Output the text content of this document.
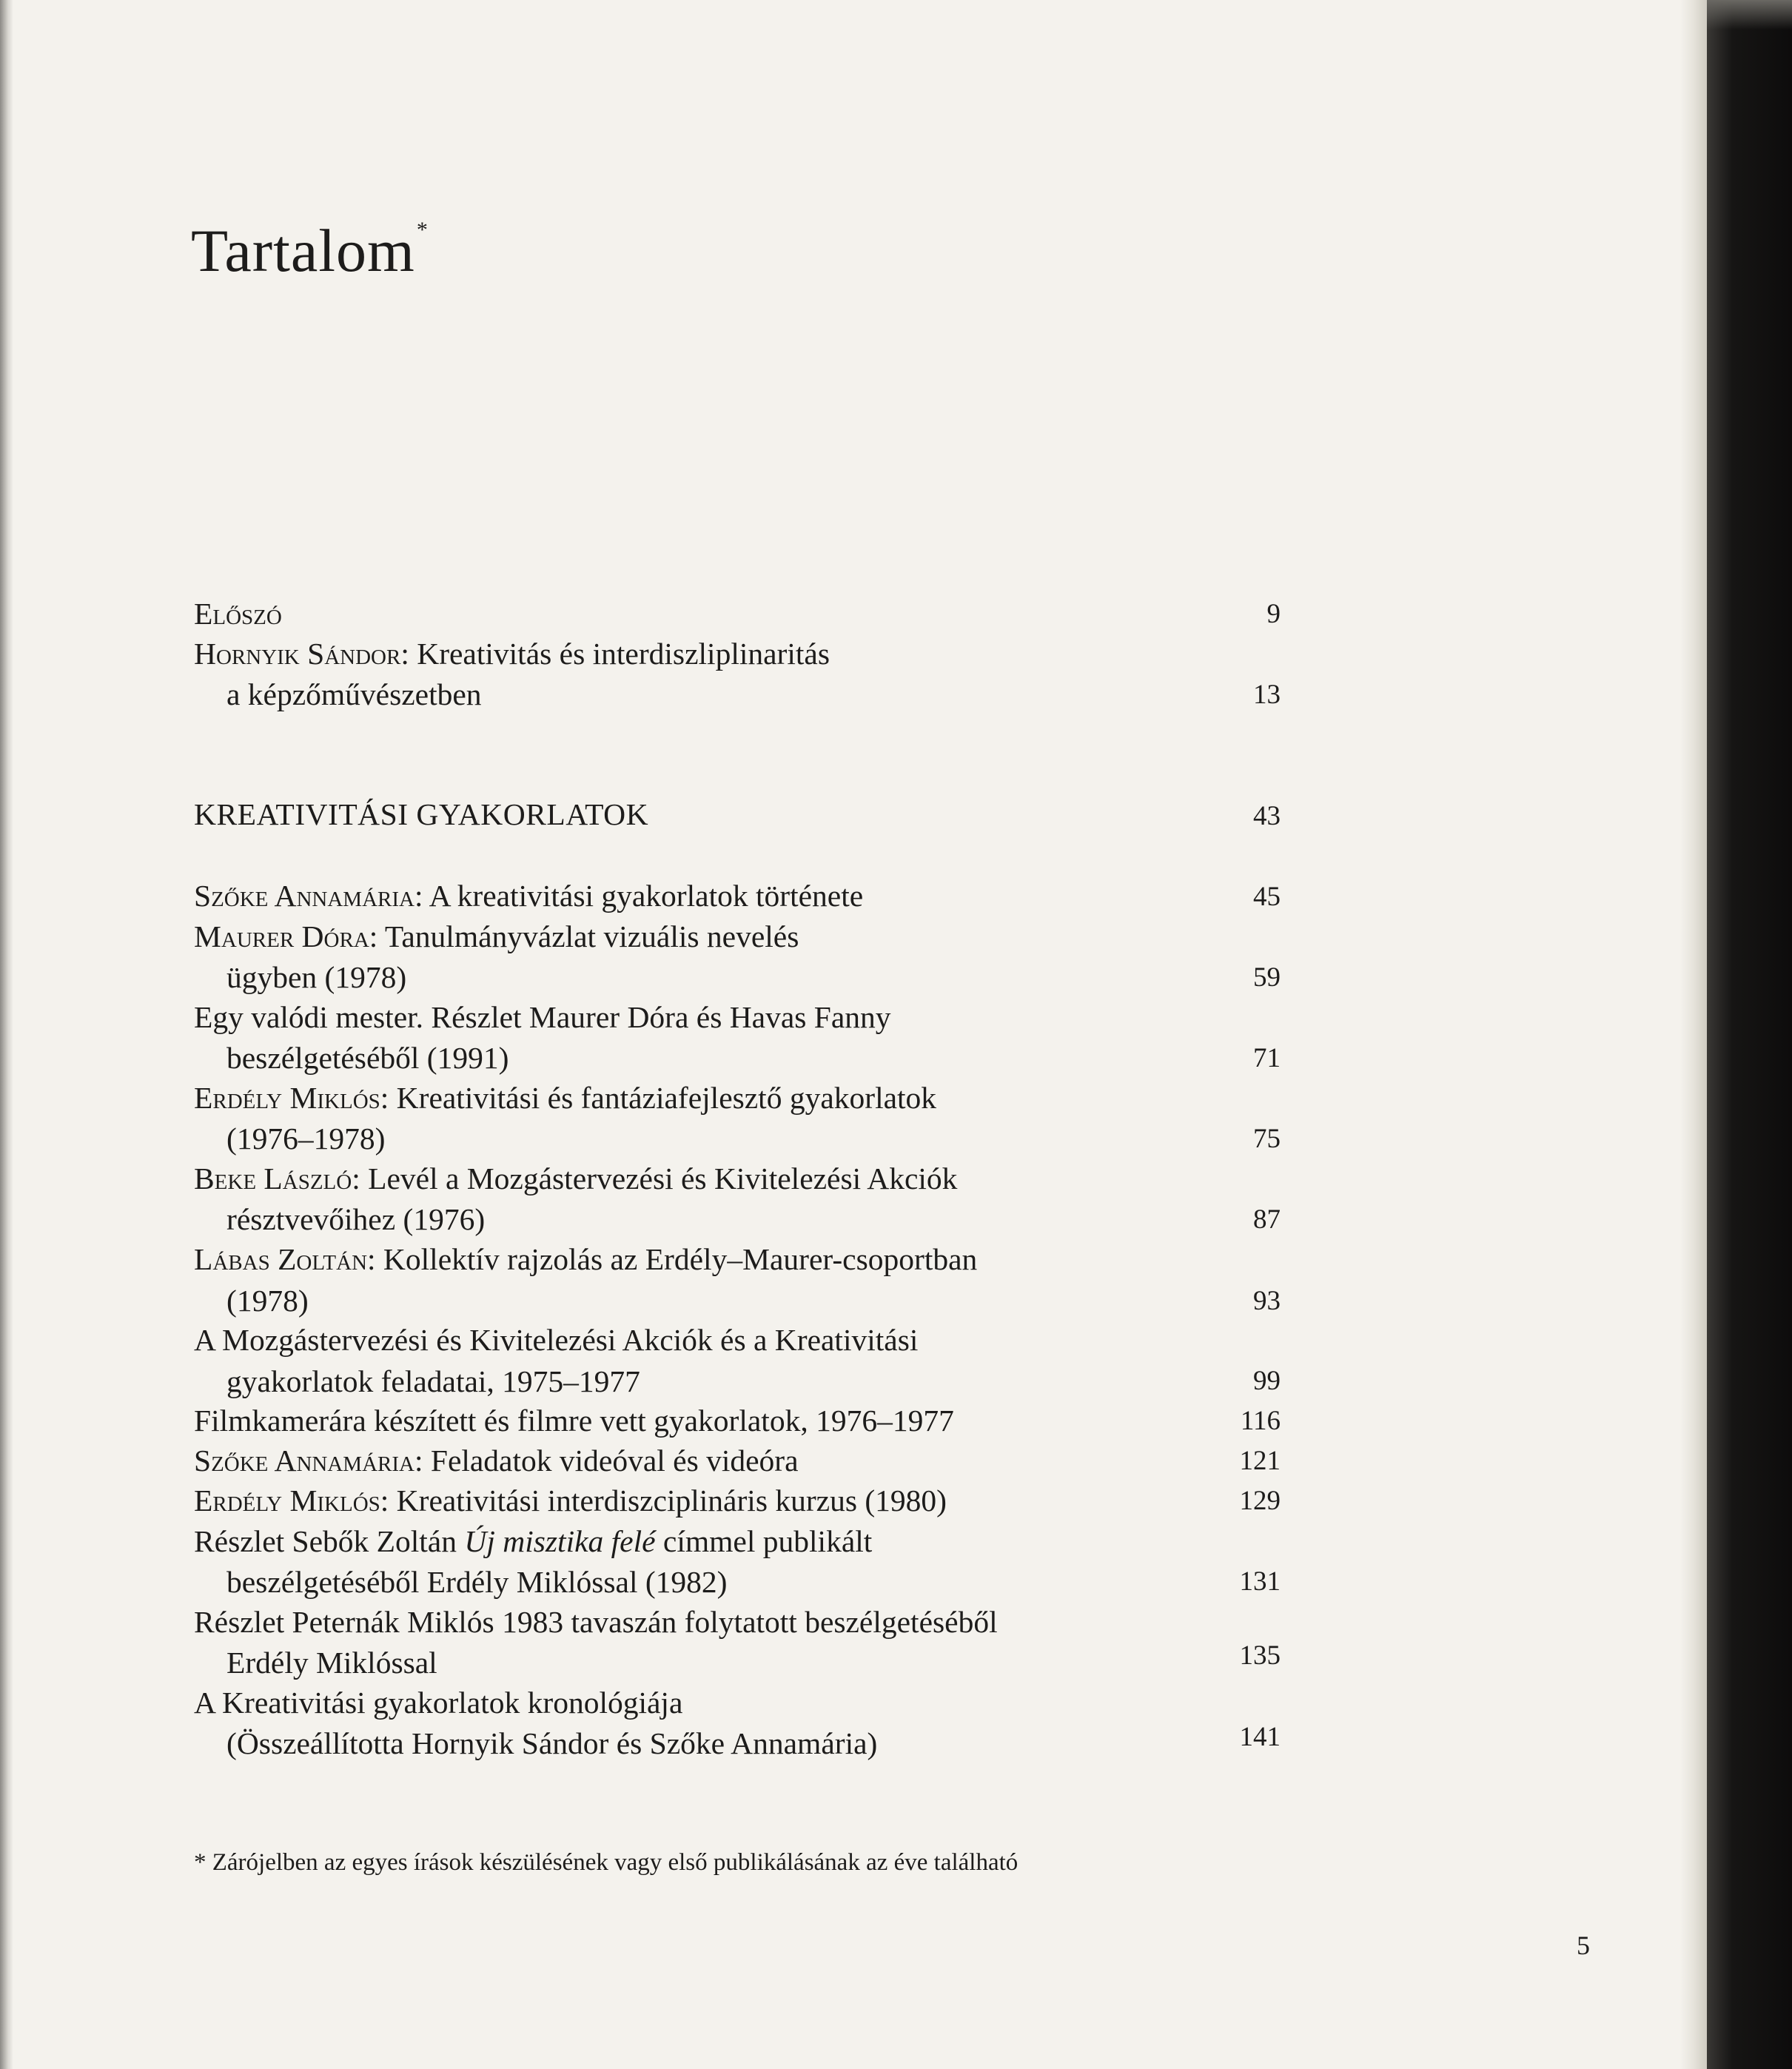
Tartalom*
Előszó	9
Hornyik Sándor: Kreativitás és interdiszliplinaritás
a képzőművészetben	13
KREATIVITÁSI GYAKORLATOK	43
Szőke Annamária: A kreativitási gyakorlatok története	45
Maurer Dóra: Tanulmányvázlat vizuális nevelés
ügyben (1978)	59
Egy valódi mester. Részlet Maurer Dóra és Havas Fanny
beszélgetéséből (1991)	71
Erdély Miklós: Kreativitási és fantáziafejlesztő gyakorlatok
(1976–1978)	75
Beke László: Levél a Mozgástervezési és Kivitelezési Akciók
résztvevőihez (1976)	87
Lábas Zoltán: Kollektív rajzolás az Erdély–Maurer-csoportban
(1978)	93
A Mozgástervezési és Kivitelezési Akciók és a Kreativitási
gyakorlatok feladatai, 1975–1977	99
Filmkamerára készített és filmre vett gyakorlatok, 1976–1977	116
Szőke Annamária: Feladatok videóval és videóra	121
Erdély Miklós: Kreativitási interdiszciplináris kurzus (1980)	129
Részlet Sebők Zoltán Új misztika felé címmel publikált
beszélgetéséből Erdély Miklóssal (1982)	131
Részlet Peternák Miklós 1983 tavaszán folytatott beszélgetéséből
Erdély Miklóssal	135
A Kreativitási gyakorlatok kronológiája
(Összeállította Hornyik Sándor és Szőke Annamária)	141
* Zárójelben az egyes írások készülésének vagy első publikálásának az éve található
5
